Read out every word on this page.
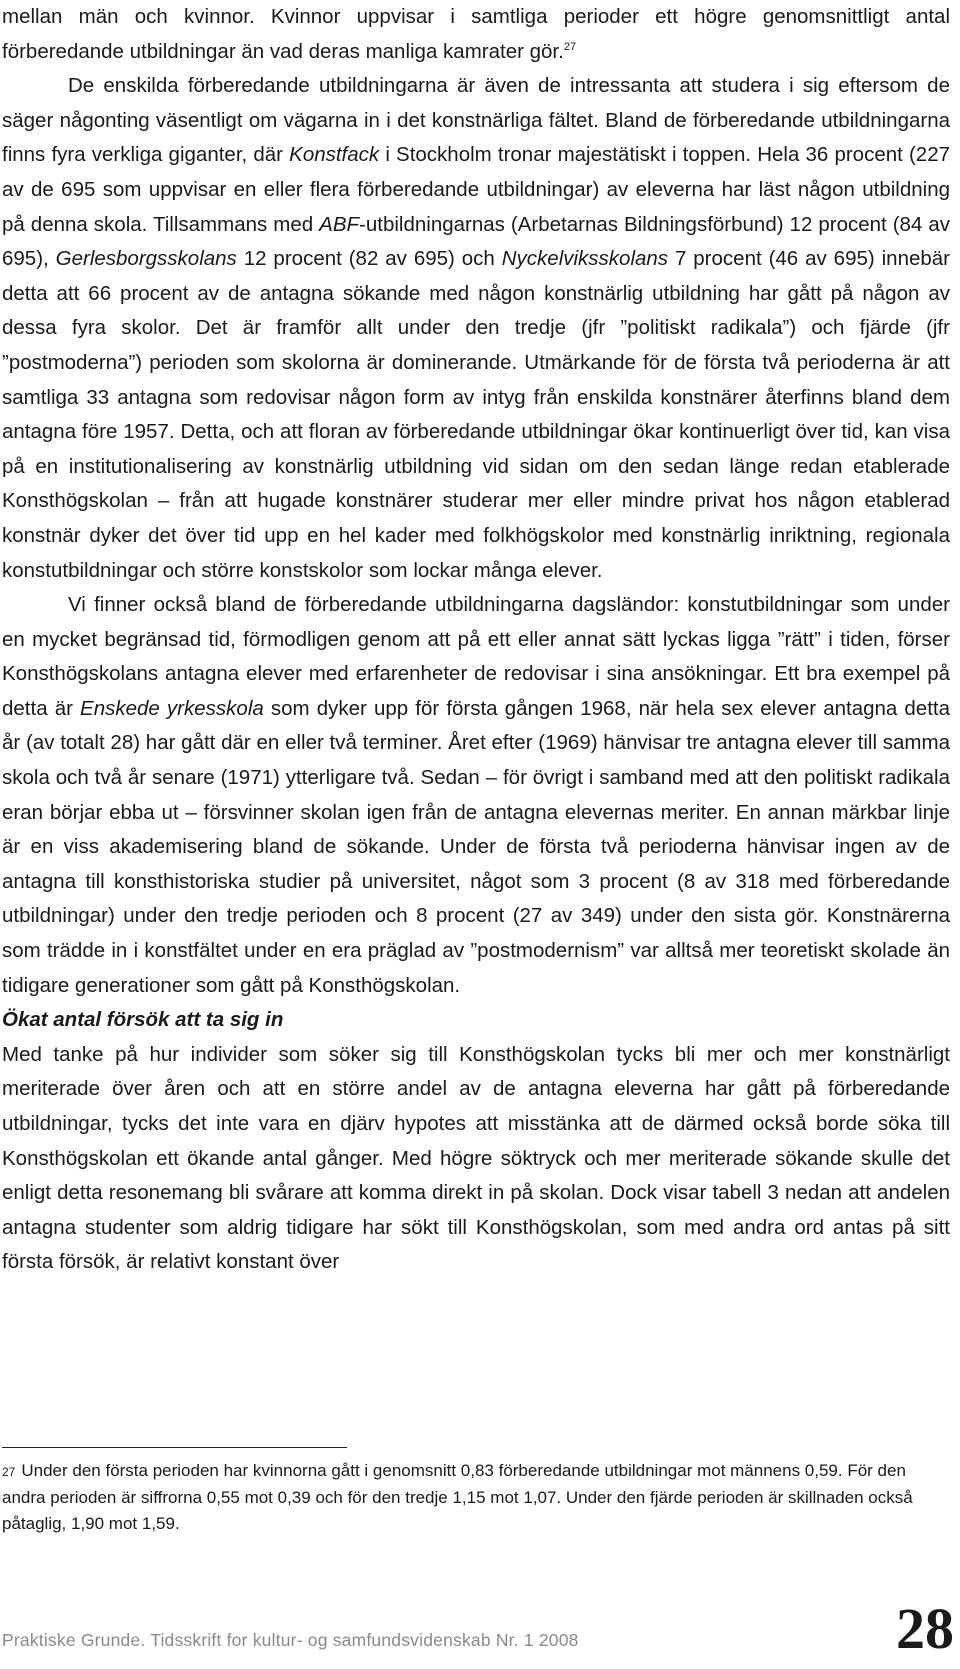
mellan män och kvinnor. Kvinnor uppvisar i samtliga perioder ett högre genomsnittligt antal förberedande utbildningar än vad deras manliga kamrater gör.$^{27}$

De enskilda förberedande utbildningarna är även de intressanta att studera i sig eftersom de säger någonting väsentligt om vägarna in i det konstnärliga fältet. Bland de förberedande utbildningarna finns fyra verkliga giganter, där Konstfack i Stockholm tronar majestätiskt i toppen. Hela 36 procent (227 av de 695 som uppvisar en eller flera förberedande utbildningar) av eleverna har läst någon utbildning på denna skola. Tillsammans med ABF-utbildningarnas (Arbetarnas Bildningsförbund) 12 procent (84 av 695), Gerlesborgsskolans 12 procent (82 av 695) och Nyckelviksskolans 7 procent (46 av 695) innebär detta att 66 procent av de antagna sökande med någon konstnärlig utbildning har gått på någon av dessa fyra skolor. Det är framför allt under den tredje (jfr ”politiskt radikala”) och fjärde (jfr ”postmoderna”) perioden som skolorna är dominerande. Utmärkande för de första två perioderna är att samtliga 33 antagna som redovisar någon form av intyg från enskilda konstnärer återfinns bland dem antagna före 1957. Detta, och att floran av förberedande utbildningar ökar kontinuerligt över tid, kan visa på en institutionalisering av konstnärlig utbildning vid sidan om den sedan länge redan etablerade Konsthögskolan – från att hugade konstnärer studerar mer eller mindre privat hos någon etablerad konstnär dyker det över tid upp en hel kader med folkhögskolor med konstnärlig inriktning, regionala konstutbildningar och större konstskolor som lockar många elever.

Vi finner också bland de förberedande utbildningarna dagsländor: konstutbildningar som under en mycket begränsad tid, förmodligen genom att på ett eller annat sätt lyckas ligga ”rätt” i tiden, förser Konsthögskolans antagna elever med erfarenheter de redovisar i sina ansökningar. Ett bra exempel på detta är Enskede yrkesskola som dyker upp för första gången 1968, när hela sex elever antagna detta år (av totalt 28) har gått där en eller två terminer. Året efter (1969) hänvisar tre antagna elever till samma skola och två år senare (1971) ytterligare två. Sedan – för övrigt i samband med att den politiskt radikala eran börjar ebba ut – försvinner skolan igen från de antagna elevernas meriter. En annan märkbar linje är en viss akademisering bland de sökande. Under de första två perioderna hänvisar ingen av de antagna till konsthistoriska studier på universitet, något som 3 procent (8 av 318 med förberedande utbildningar) under den tredje perioden och 8 procent (27 av 349) under den sista gör. Konstnärerna som trädde in i konstfältet under en era präglad av ”postmodernism” var alltså mer teoretiskt skolade än tidigare generationer som gått på Konsthögskolan.

Ökat antal försök att ta sig in

Med tanke på hur individer som söker sig till Konsthögskolan tycks bli mer och mer konstnärligt meriterade över åren och att en större andel av de antagna eleverna har gått på förberedande utbildningar, tycks det inte vara en djärv hypotes att misstänka att de därmed också borde söka till Konsthögskolan ett ökande antal gånger. Med högre söktryck och mer meriterade sökande skulle det enligt detta resonemang bli svårare att komma direkt in på skolan. Dock visar tabell 3 nedan att andelen antagna studenter som aldrig tidigare har sökt till Konsthögskolan, som med andra ord antas på sitt första försök, är relativt konstant över

27 Under den första perioden har kvinnorna gått i genomsnitt 0,83 förberedande utbildningar mot männens 0,59. För den andra perioden är siffrorna 0,55 mot 0,39 och för den tredje 1,15 mot 1,07. Under den fjärde perioden är skillnaden också påtaglig, 1,90 mot 1,59.
Praktiske Grunde. Tidsskrift for kultur- og samfundsvidenskab Nr. 1 2008	28
